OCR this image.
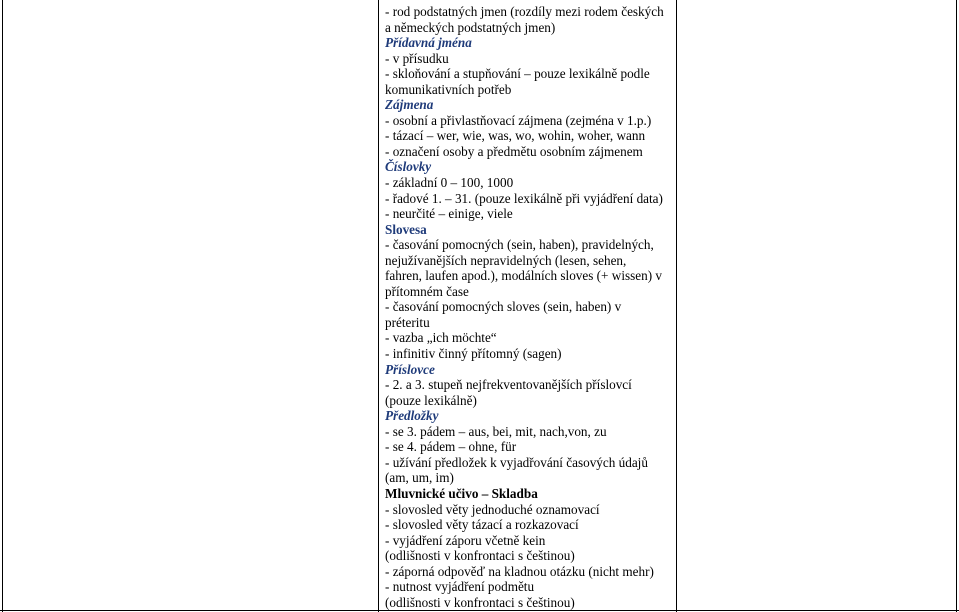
- rod podstatných jmen (rozdíly mezi rodem českých
a německých podstatných jmen)
Přídavná jména
- v přísudku
- skloňování a stupňování – pouze lexikálně podle
komunikativních potřeb
Zájmena
- osobní a přivlastňovací zájmena (zejména v 1.p.)
- tázací – wer, wie, was, wo, wohin, woher, wann
- označení osoby a předmětu osobním zájmenem
Číslovky
- základní 0 – 100, 1000
- řadové 1. – 31. (pouze lexikálně při vyjádření data)
- neurčité – einige, viele
Slovesa
- časování pomocných (sein, haben), pravidelných,
nejužívanějších nepravidelných (lesen, sehen,
fahren, laufen apod.), modálních sloves (+ wissen) v
přítomném čase
- časování pomocných sloves (sein, haben) v
préteritu
- vazba „ich möchte“
- infinitiv činný přítomný (sagen)
Příslovce
- 2. a 3. stupeň nejfrekventovanějších příslovcí
(pouze lexikálně)
Předložky
- se 3. pádem – aus, bei, mit, nach,von, zu
- se 4. pádem – ohne, für
- užívání předložek k vyjadřování časových údajů
(am, um, im)
Mluvnické učivo – Skladba
- slovosled věty jednoduché oznamovací
- slovosled věty tázací a rozkazovací
- vyjádření záporu včetně kein
(odlišnosti v konfrontaci s češtinou)
- záporná odpověď na kladnou otázku (nicht mehr)
- nutnost vyjádření podmětu
(odlišnosti v konfrontaci s češtinou)
